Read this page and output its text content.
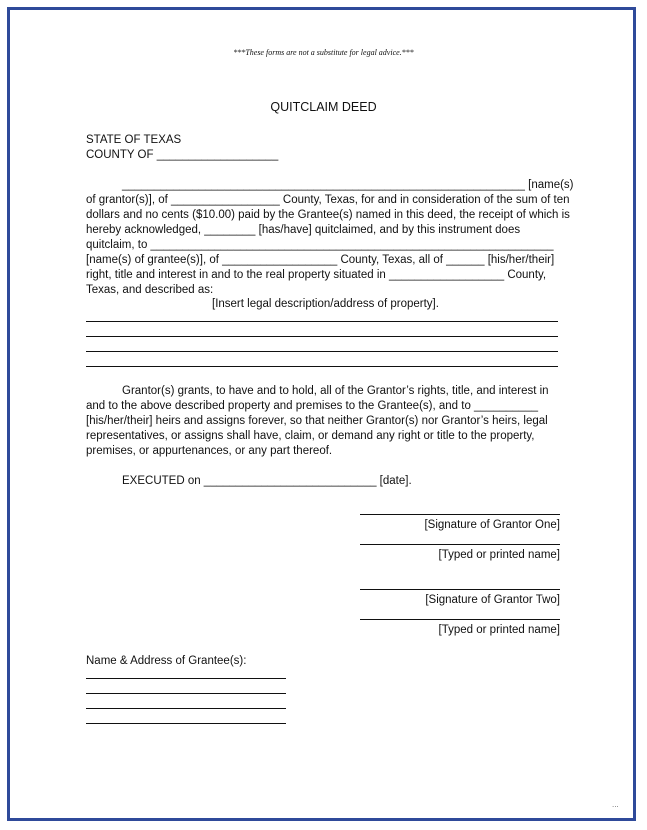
***These forms are not a substitute for legal advice.***
QUITCLAIM DEED
STATE OF TEXAS
COUNTY OF ___________________
_______________________________________________________________ [name(s)
of grantor(s)], of _________________ County, Texas, for and in consideration of the sum of ten
dollars and no cents ($10.00) paid by the Grantee(s) named in this deed, the receipt of which is
hereby acknowledged, ________ [has/have] quitclaimed, and by this instrument does
quitclaim, to _______________________________________________________________
[name(s) of grantee(s)], of __________________ County, Texas, all of ______ [his/her/their]
right, title and interest in and to the real property situated in __________________ County,
Texas, and described as:
[Insert legal description/address of property].
Grantor(s) grants, to have and to hold, all of the Grantor’s rights, title, and interest in
and to the above described property and premises to the Grantee(s), and to __________
[his/her/their] heirs and assigns forever, so that neither Grantor(s) nor Grantor’s heirs, legal
representatives, or assigns shall have, claim, or demand any right or title to the property,
premises, or appurtenances, or any part thereof.
EXECUTED on ___________________________ [date].
[Signature of Grantor One]
[Typed or printed name]
[Signature of Grantor Two]
[Typed or printed name]
Name & Address of Grantee(s):
...
